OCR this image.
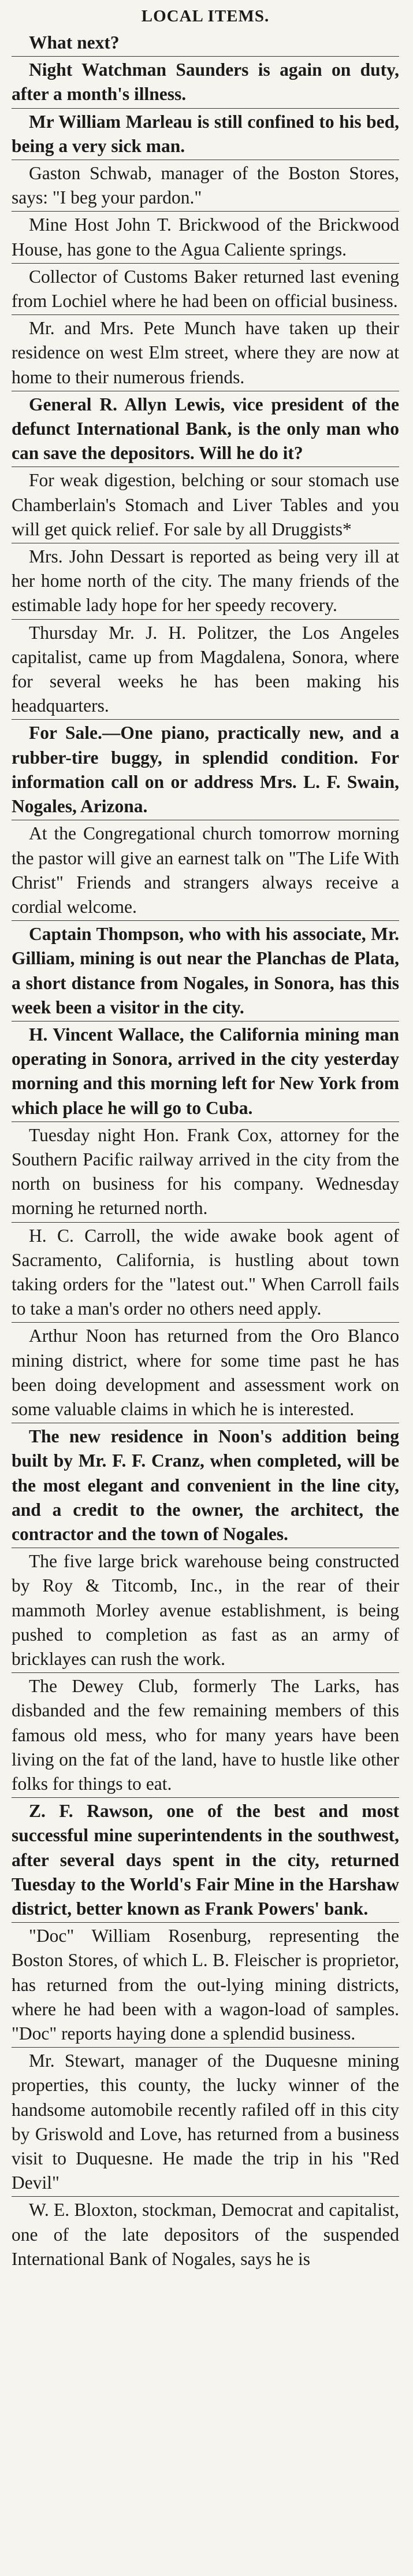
LOCAL ITEMS.

What next?

Night Watchman Saunders is again on duty, after a month's illness.

Mr William Marleau is still confined to his bed, being a very sick man.

Gaston Schwab, manager of the Boston Stores, says: "I beg your pardon."

Mine Host John T. Brickwood of the Brickwood House, has gone to the Agua Caliente springs.

Collector of Customs Baker returned last evening from Lochiel where he had been on official business.

Mr. and Mrs. Pete Munch have taken up their residence on west Elm street, where they are now at home to their numerous friends.

General R. Allyn Lewis, vice president of the defunct International Bank, is the only man who can save the depositors. Will he do it?

For weak digestion, belching or sour stomach use Chamberlain's Stomach and Liver Tables and you will get quick relief. For sale by all Druggists*

Mrs. John Dessart is reported as being very ill at her home north of the city. The many friends of the estimable lady hope for her speedy recovery.

Thursday Mr. J. H. Politzer, the Los Angeles capitalist, came up from Magdalena, Sonora, where for several weeks he has been making his headquarters.

For Sale.—One piano, practically new, and a rubber-tire buggy, in splendid condition. For information call on or address Mrs. L. F. Swain, Nogales, Arizona.

At the Congregational church tomorrow morning the pastor will give an earnest talk on "The Life With Christ" Friends and strangers always receive a cordial welcome.

Captain Thompson, who with his associate, Mr. Gilliam, mining is out near the Planchas de Plata, a short distance from Nogales, in Sonora, has this week been a visitor in the city.

H. Vincent Wallace, the California mining man operating in Sonora, arrived in the city yesterday morning and this morning left for New York from which place he will go to Cuba.

Tuesday night Hon. Frank Cox, attorney for the Southern Pacific railway arrived in the city from the north on business for his company. Wednesday morning he returned north.

H. C. Carroll, the wide awake book agent of Sacramento, California, is hustling about town taking orders for the "latest out." When Carroll fails to take a man's order no others need apply.

Arthur Noon has returned from the Oro Blanco mining district, where for some time past he has been doing development and assessment work on some valuable claims in which he is interested.

The new residence in Noon's addition being built by Mr. F. F. Cranz, when completed, will be the most elegant and convenient in the line city, and a credit to the owner, the architect, the contractor and the town of Nogales.

The five large brick warehouse being constructed by Roy & Titcomb, Inc., in the rear of their mammoth Morley avenue establishment, is being pushed to completion as fast as an army of bricklayes can rush the work.

The Dewey Club, formerly The Larks, has disbanded and the few remaining members of this famous old mess, who for many years have been living on the fat of the land, have to hustle like other folks for things to eat.

Z. F. Rawson, one of the best and most successful mine superintendents in the southwest, after several days spent in the city, returned Tuesday to the World's Fair Mine in the Harshaw district, better known as Frank Powers' bank.

"Doc" William Rosenburg, representing the Boston Stores, of which L. B. Fleischer is proprietor, has returned from the out-lying mining districts, where he had been with a wagon-load of samples. "Doc" reports haying done a splendid business.

Mr. Stewart, manager of the Duquesne mining properties, this county, the lucky winner of the handsome automobile recently rafiled off in this city by Griswold and Love, has returned from a business visit to Duquesne. He made the trip in his "Red Devil"

W. E. Bloxton, stockman, Democrat and capitalist, one of the late depositors of the suspended International Bank of Nogales, says he is
